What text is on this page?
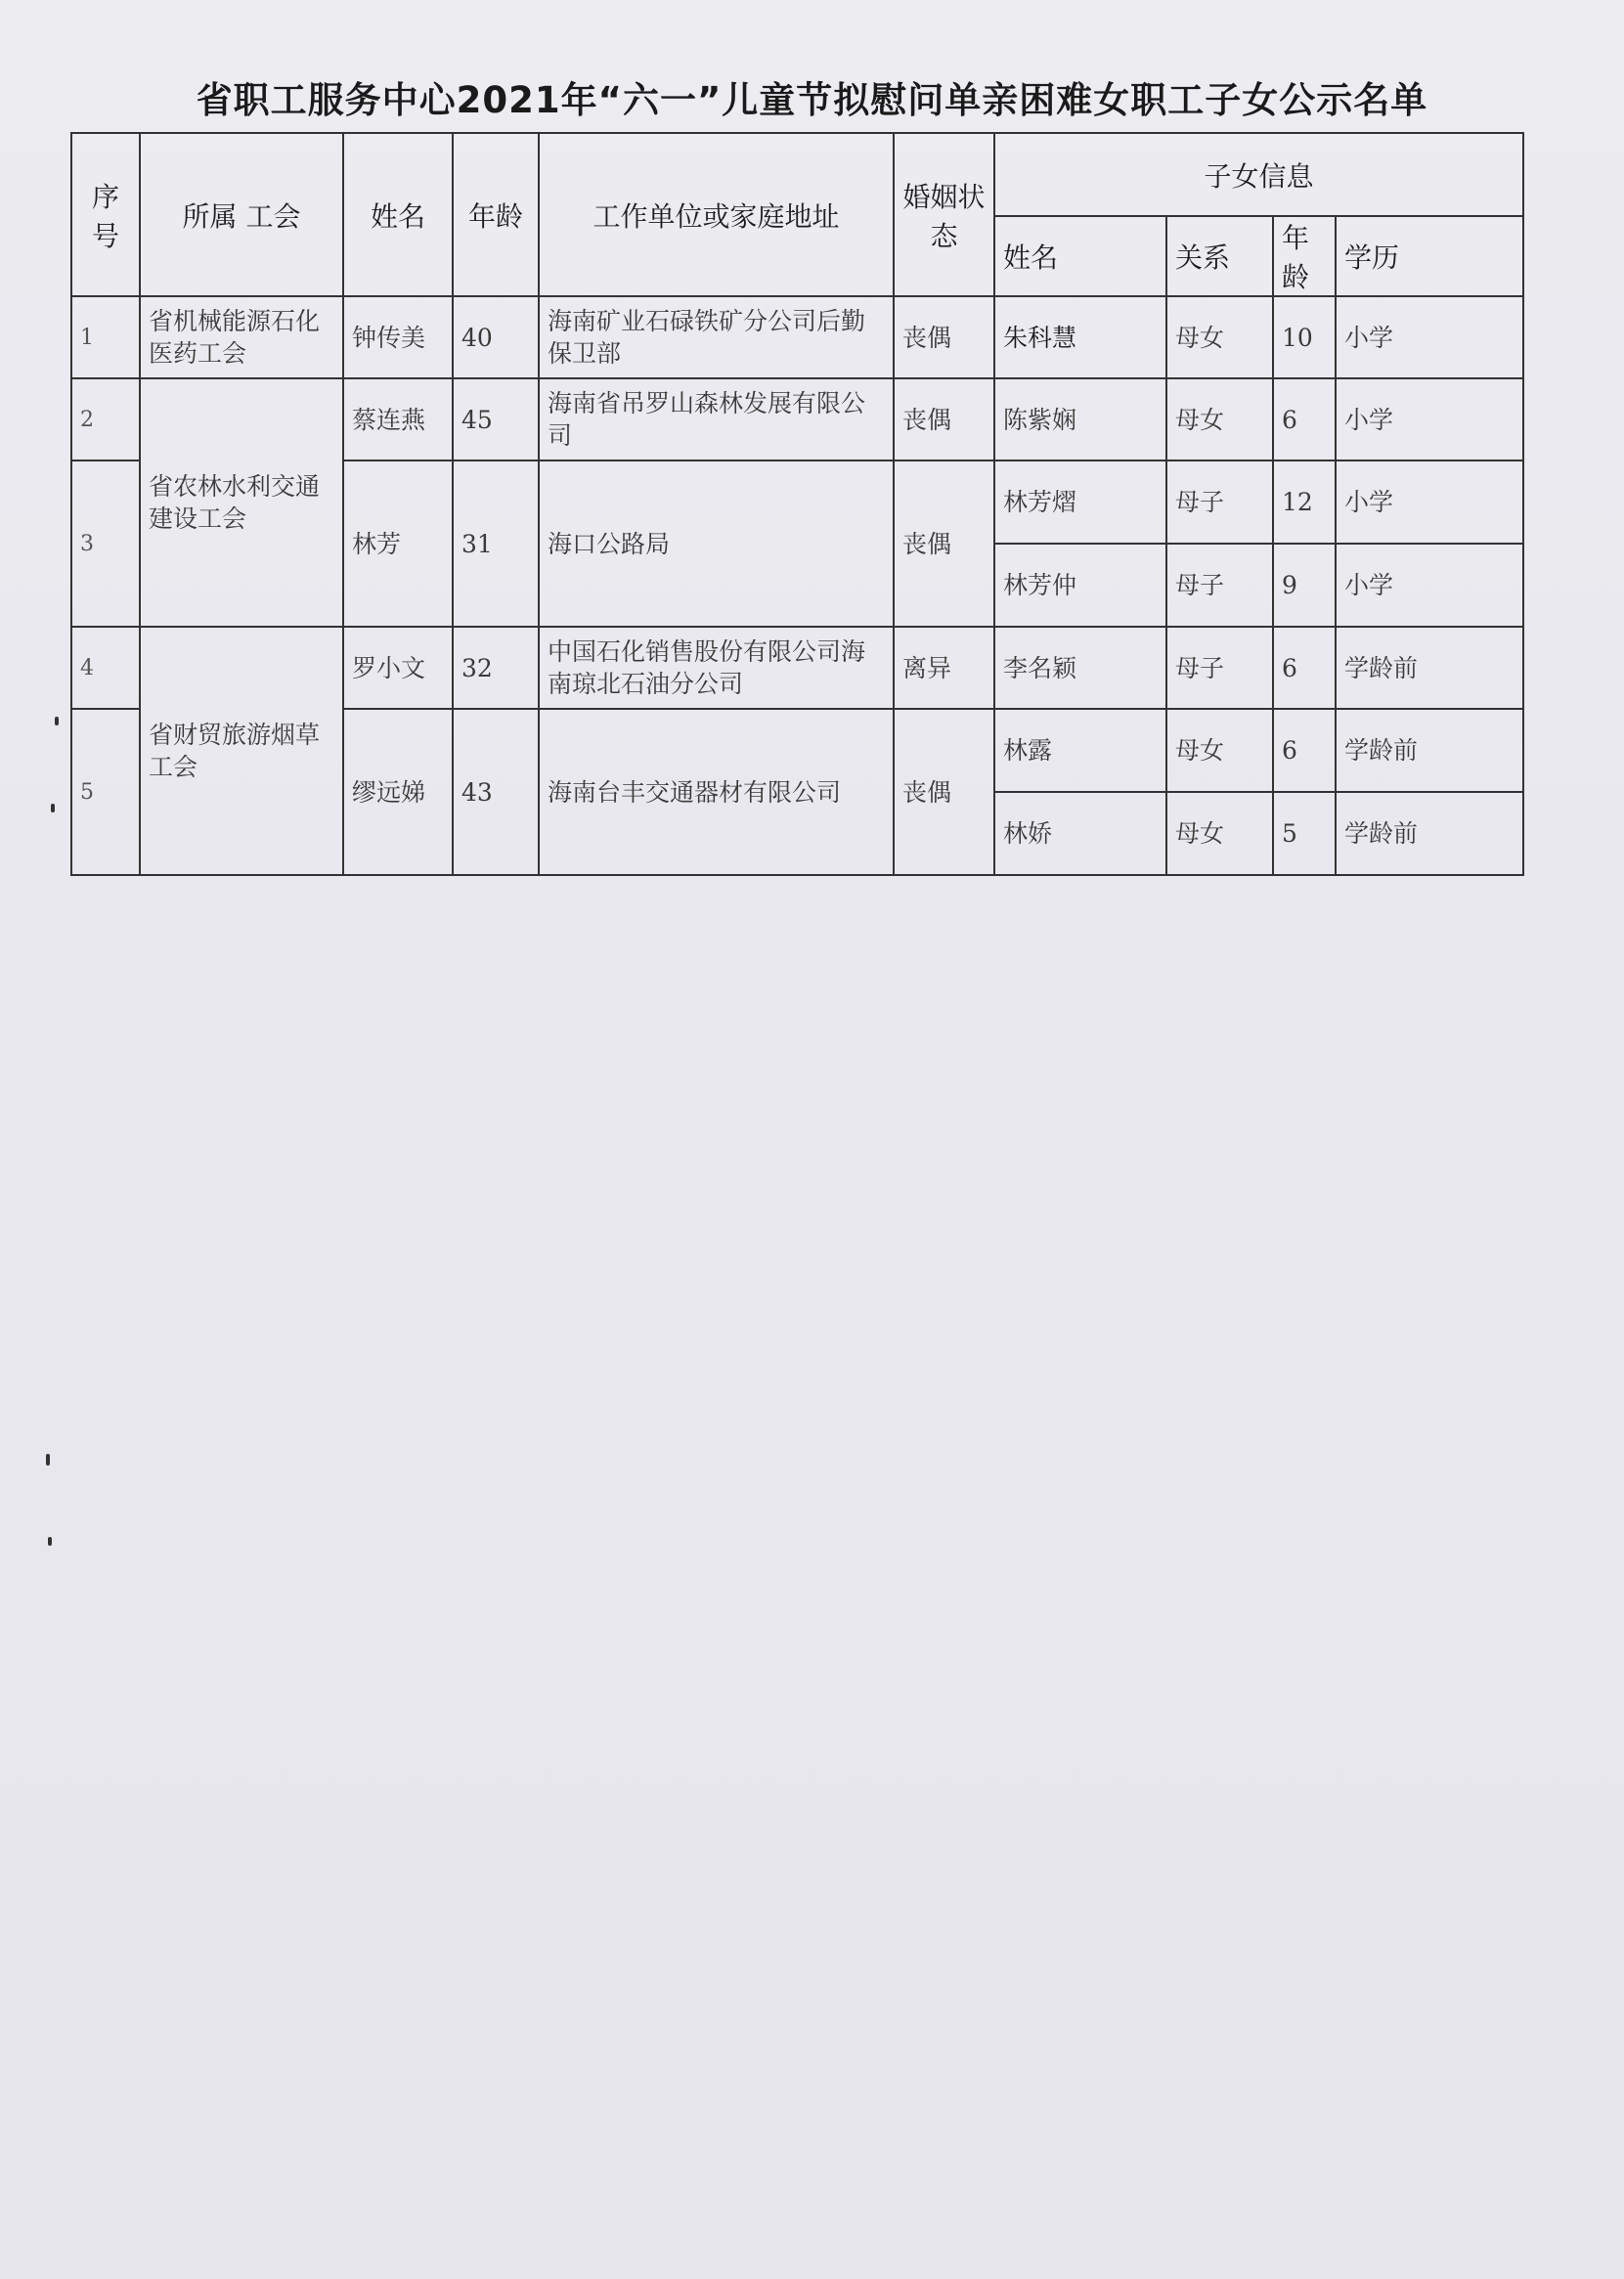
省职工服务中心2021年“六一”儿童节拟慰问单亲困难女职工子女公示名单
序号	所属 工会	姓名	年龄	工作单位或家庭地址	婚姻状态	子女信息			
						姓名	关系	年龄	学历
1	省机械能源石化医药工会	钟传美	40	海南矿业石碌铁矿分公司后勤保卫部	丧偶	朱科慧	母女	10	小学
2	省农林水利交通建设工会	蔡连燕	45	海南省吊罗山森林发展有限公司	丧偶	陈紫娴	母女	6	小学
3		林芳	31	海口公路局	丧偶	林芳熠	母子	12	小学
						林芳仲	母子	9	小学
4	省财贸旅游烟草工会	罗小文	32	中国石化销售股份有限公司海南琼北石油分公司	离异	李名颖	母子	6	学龄前
5		缪远娣	43	海南台丰交通器材有限公司	丧偶	林露	母女	6	学龄前
						林娇	母女	5	学龄前
